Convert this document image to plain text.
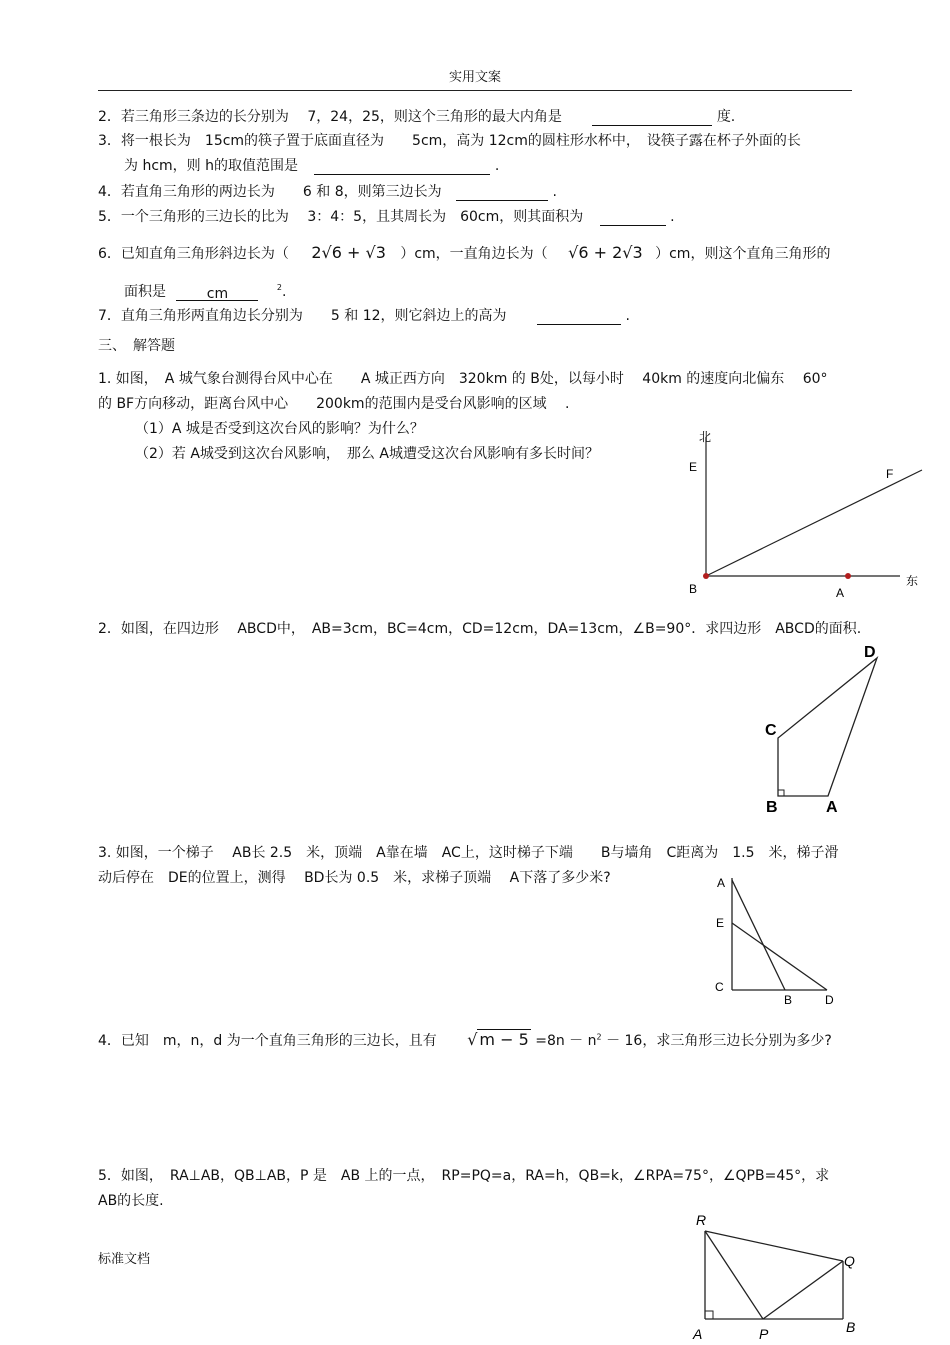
实用文案
2．若三角形三条边的长分别为　 7，24，25，则这个三角形的最大内角是	度.
3．将一根长为　15cm的筷子置于底面直径为　　5cm，高为 12cm的圆柱形水杯中，　设筷子露在杯子外面的长
为 hcm，则 h的取值范围是	.
4．若直角三角形的两边长为　　6 和 8，则第三边长为	.
5．一个三角形的三边长的比为　 3：4：5，且其周长为　60cm，则其面积为	.
6．已知直角三角形斜边长为（ 2√6 + √3 ）cm，一直角边长为（ √6 + 2√3 ）cm，则这个直角三角形的
面积是	cm	$^2$.
7．直角三角形两直角边长分别为　　5 和 12，则它斜边上的高为	.
三、　解答题
1. 如图，　A 城气象台测得台风中心在　　A 城正西方向　320km 的 B处，以每小时　 40km 的速度向北偏东　 60°
的 BF方向移动，距离台风中心　　200km的范围内是受台风影响的区域　 .
（1）A 城是否受到这次台风的影响？为什么？
（2）若 A城受到这次台风影响，　那么 A城遭受这次台风影响有多长时间？
北
东
E	F
B	A
2．如图，在四边形　 ABCD中，　AB=3cm，BC=4cm，CD=12cm，DA=13cm，∠B=90°．求四边形　ABCD的面积.
C
B	A
D
3. 如图，一个梯子　 AB长 2.5　米，顶端　A靠在墙　AC上，这时梯子下端　　B与墙角　C距离为　1.5　米，梯子滑
动后停在　DE的位置上，测得　 BD长为 0.5　米，求梯子顶端　 A下落了多少米?	A
E
C
B	D
4．已知　m，n，d 为一个直角三角形的三边长，且有 √ $m - 5 =8n - n^2 - 16$，求三角形三边长分别为多少?
5．如图，　RA⊥AB，QB⊥AB，P 是　AB 上的一点，　RP=PQ=a，RA=h，QB=k，∠RPA=75°，∠QPB=45°，求
AB的长度.
标准文档
R
Q
A	P	B
